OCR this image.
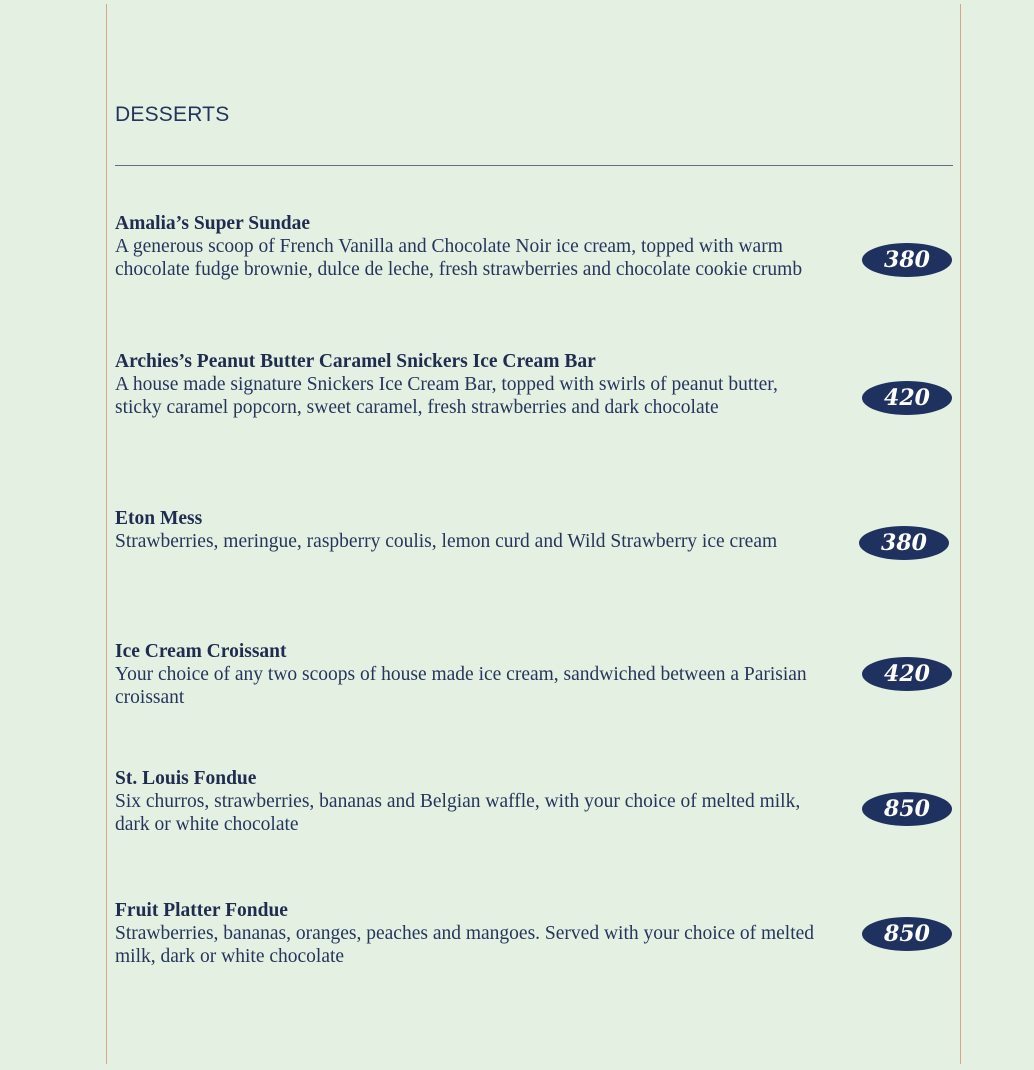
DESSERTS
Amalia’s Super Sundae
A generous scoop of French Vanilla and Chocolate Noir ice cream, topped with warm chocolate fudge brownie, dulce de leche, fresh strawberries and chocolate cookie crumb	380
Archies’s Peanut Butter Caramel Snickers Ice Cream Bar
A house made signature Snickers Ice Cream Bar, topped with swirls of peanut butter, sticky caramel popcorn, sweet caramel, fresh strawberries and dark chocolate	420
Eton Mess
Strawberries, meringue, raspberry coulis, lemon curd and Wild Strawberry ice cream	380
Ice Cream Croissant
Your choice of any two scoops of house made ice cream, sandwiched between a Parisian croissant
420
St. Louis Fondue
Six churros, strawberries, bananas and Belgian waffle, with your choice of melted milk, dark or white chocolate
850
Fruit Platter Fondue
Strawberries, bananas, oranges, peaches and mangoes. Served with your choice of melted milk, dark or white chocolate
850
